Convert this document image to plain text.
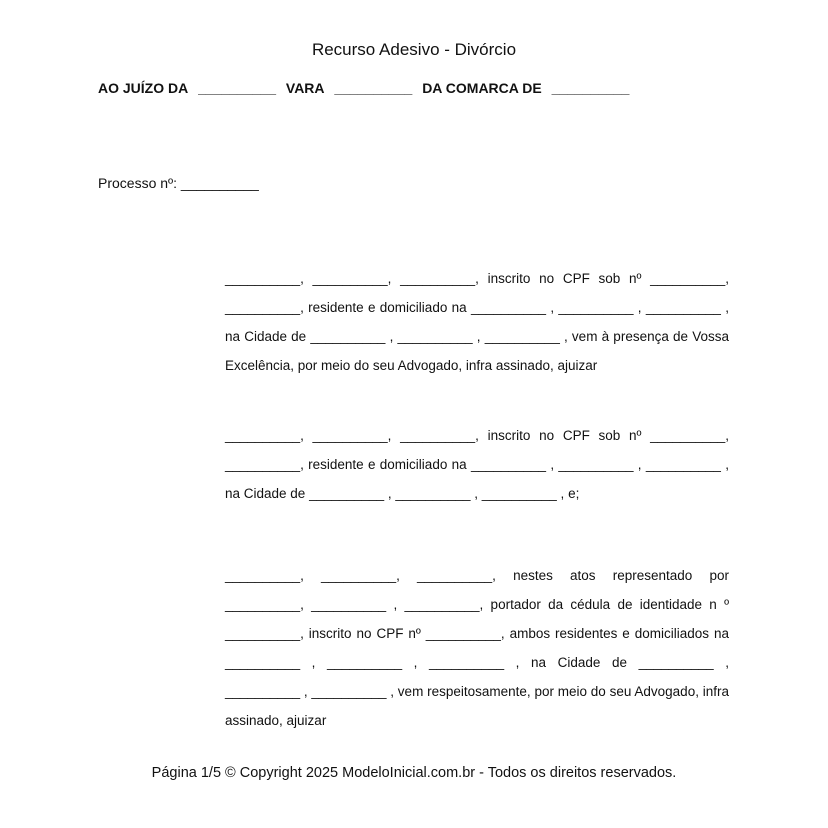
Recurso Adesivo - Divórcio
AO JUÍZO DA __________ VARA __________ DA COMARCA DE __________
Processo nº: __________
__________, __________, __________, inscrito no CPF sob nº __________, __________, residente e domiciliado na __________ , __________ , __________ , na Cidade de __________ , __________ , __________ , vem à presença de Vossa Excelência, por meio do seu Advogado, infra assinado, ajuizar
__________, __________, __________, inscrito no CPF sob nº __________, __________, residente e domiciliado na __________ , __________ , __________ , na Cidade de __________ , __________ , __________ , e;
__________, __________, __________, nestes atos representado por __________, __________ , __________, portador da cédula de identidade n º __________, inscrito no CPF nº __________, ambos residentes e domiciliados na __________ , __________ , __________ , na Cidade de __________ , __________ , __________ , vem respeitosamente, por meio do seu Advogado, infra assinado, ajuizar
Página 1/5 © Copyright 2025 ModeloInicial.com.br - Todos os direitos reservados.
